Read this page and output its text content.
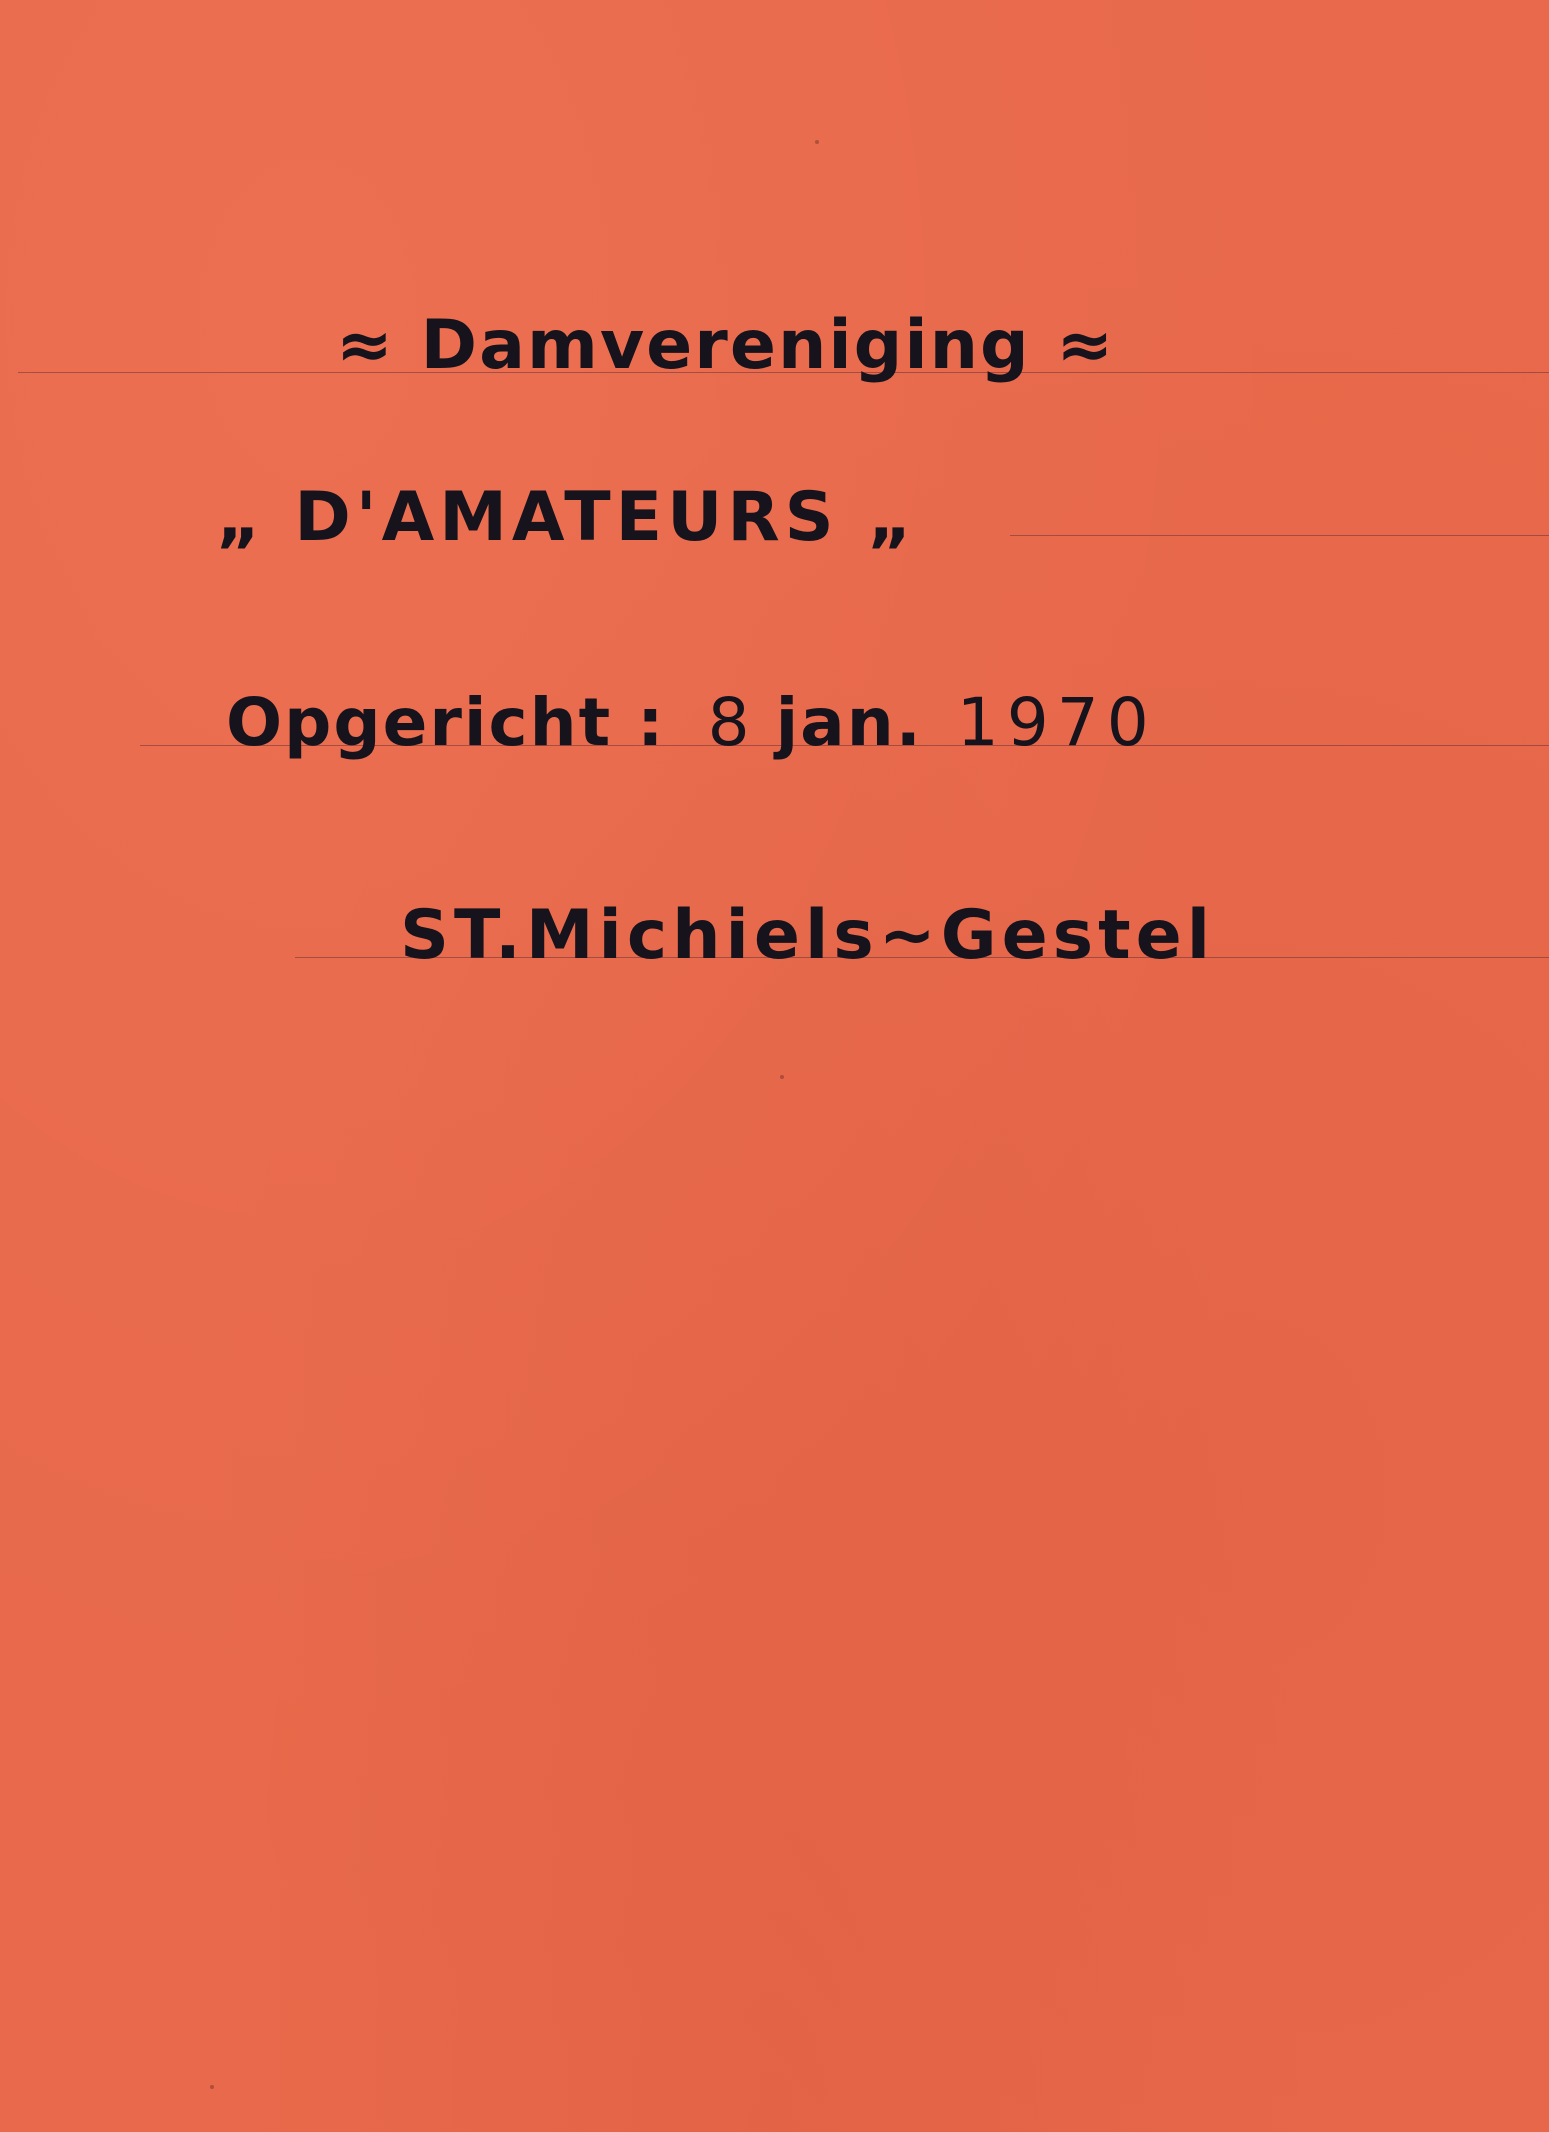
≈ Damvereniging ≈
„ D'AMATEURS „
Opgericht : 8 jan. 1970
ST.Michiels~Gestel
